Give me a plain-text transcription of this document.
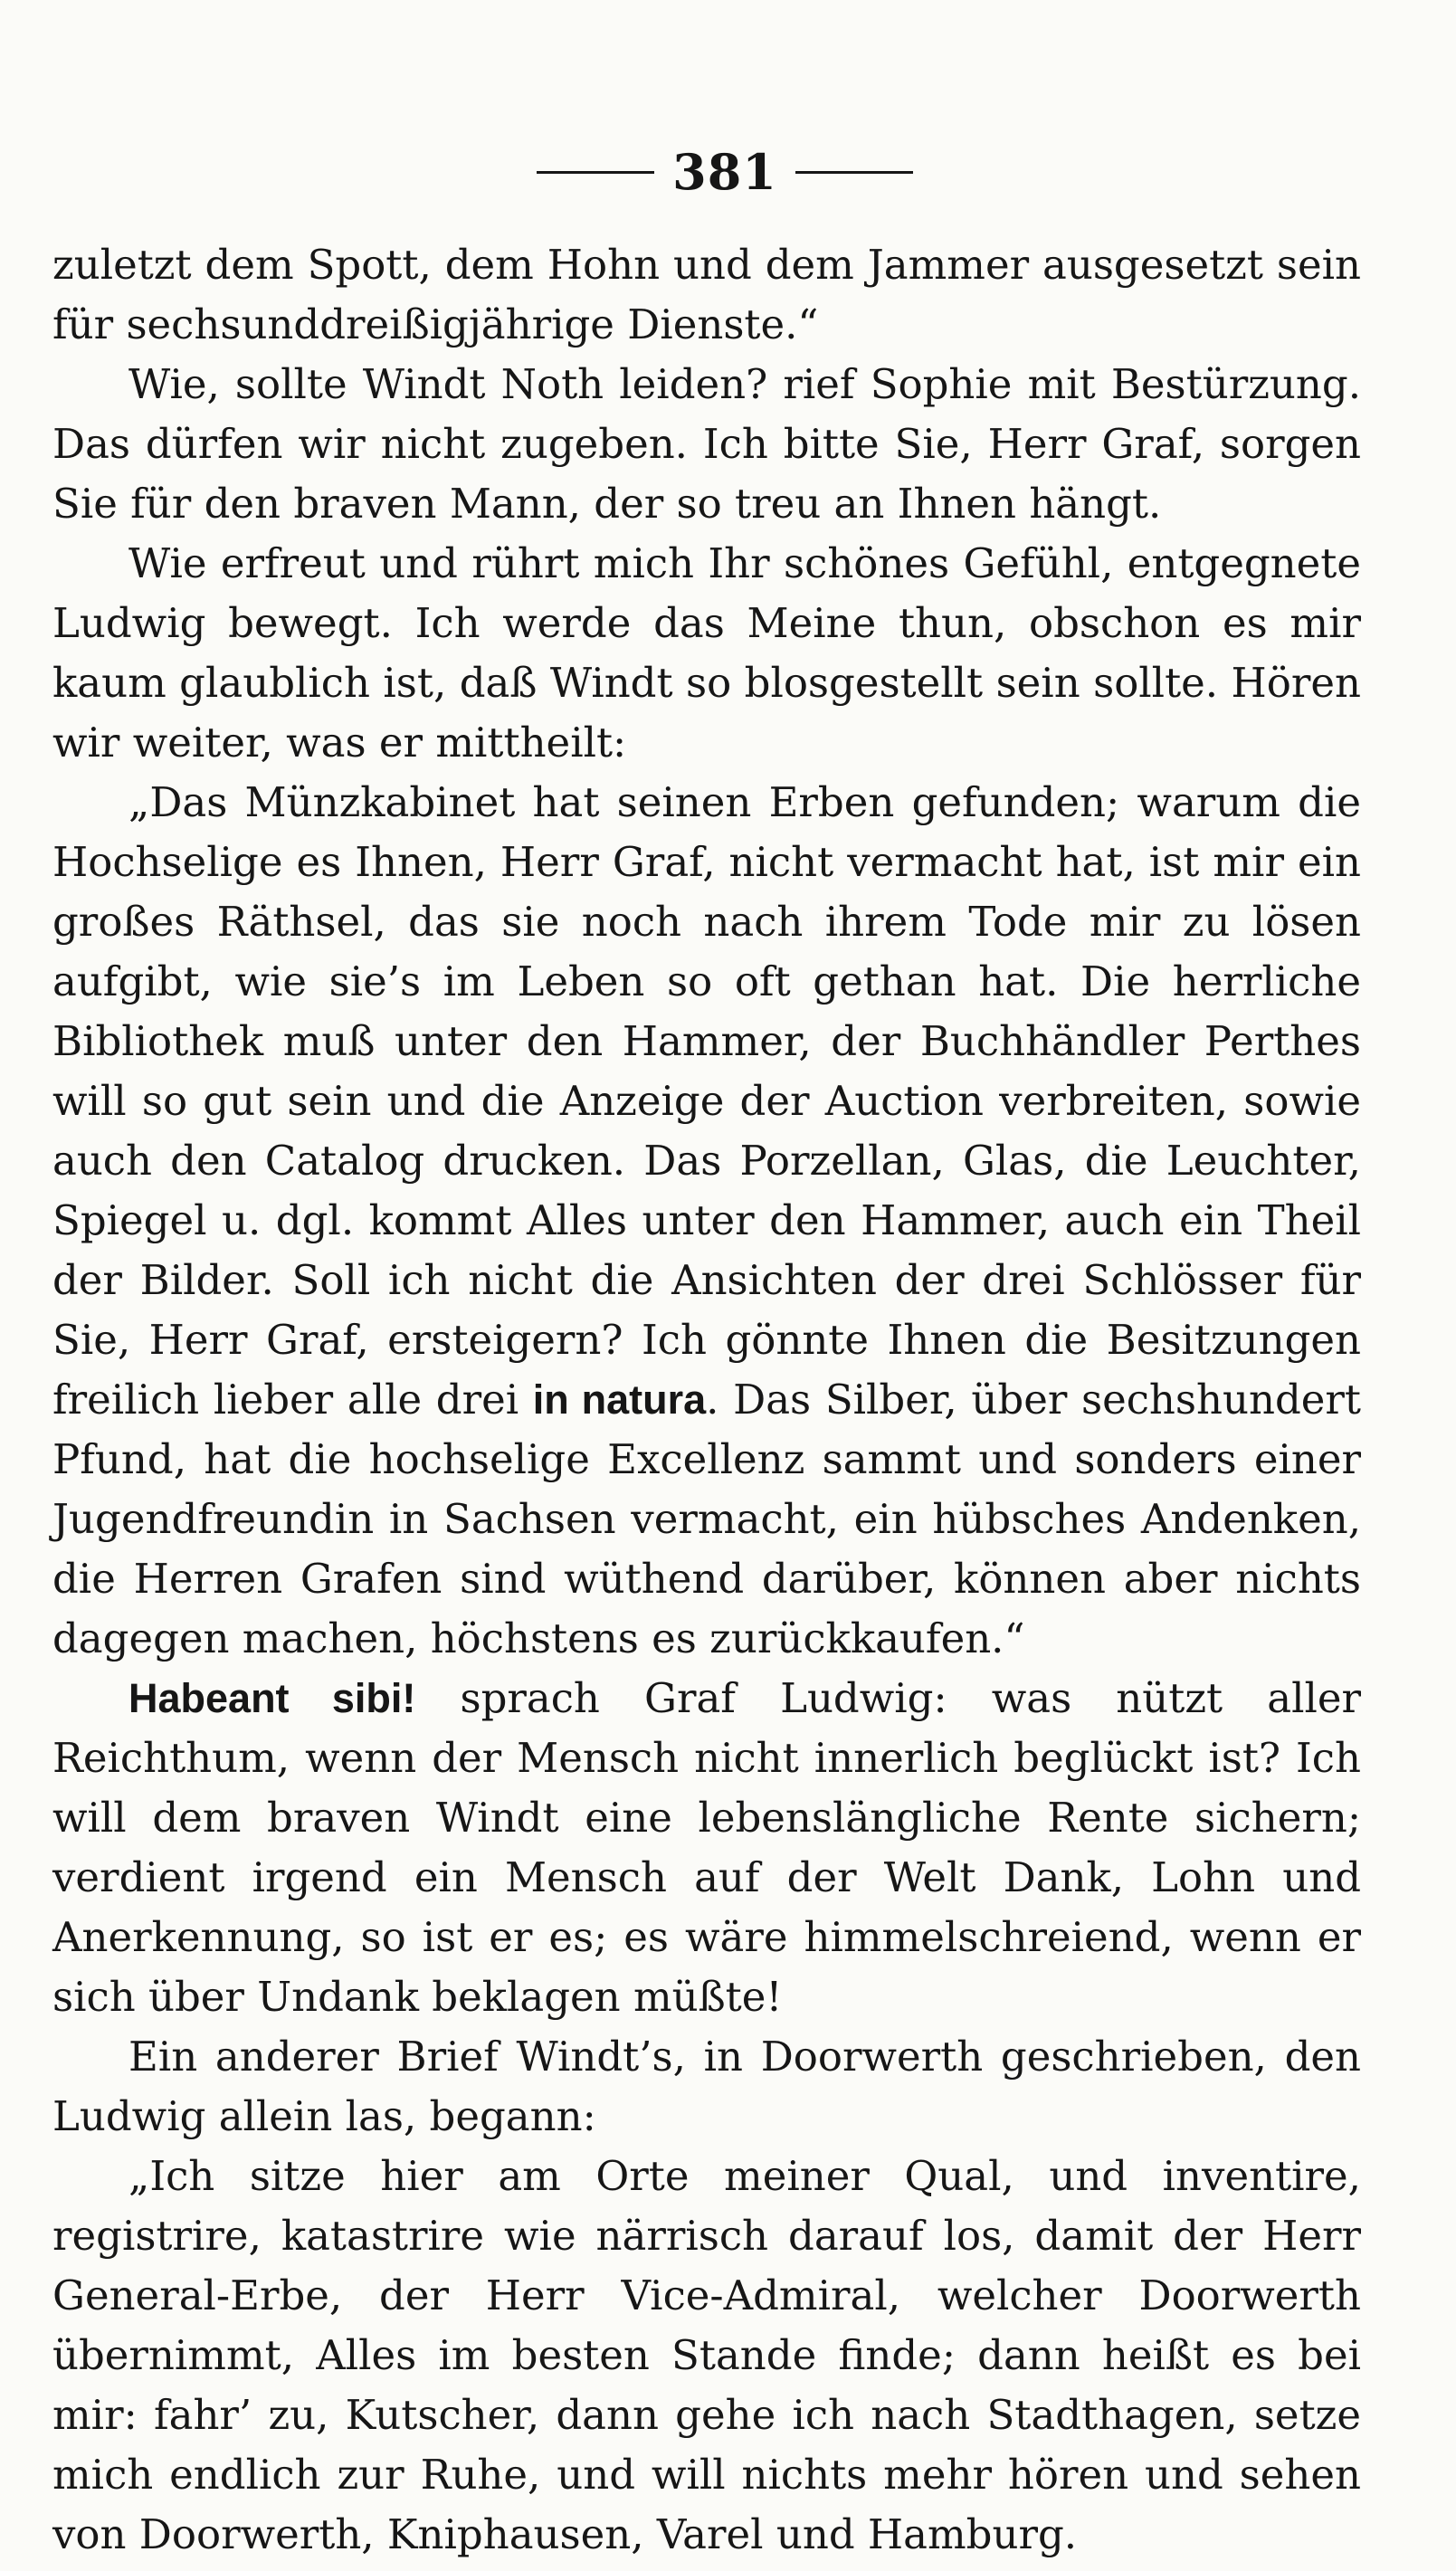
381

zuletzt dem Spott, dem Hohn und dem Jammer ausgesetzt sein für sechsunddreißigjährige Dienste.“

Wie, sollte Windt Noth leiden? rief Sophie mit Bestürzung. Das dürfen wir nicht zugeben. Ich bitte Sie, Herr Graf, sorgen Sie für den braven Mann, der so treu an Ihnen hängt.

Wie erfreut und rührt mich Ihr schönes Gefühl, entgegnete Ludwig bewegt. Ich werde das Meine thun, obschon es mir kaum glaublich ist, daß Windt so blosgestellt sein sollte. Hören wir weiter, was er mittheilt:

„Das Münzkabinet hat seinen Erben gefunden; warum die Hochselige es Ihnen, Herr Graf, nicht vermacht hat, ist mir ein großes Räthsel, das sie noch nach ihrem Tode mir zu lösen aufgibt, wie sie’s im Leben so oft gethan hat. Die herrliche Bibliothek muß unter den Hammer, der Buchhändler Perthes will so gut sein und die Anzeige der Auction verbreiten, sowie auch den Catalog drucken. Das Porzellan, Glas, die Leuchter, Spiegel u. dgl. kommt Alles unter den Hammer, auch ein Theil der Bilder. Soll ich nicht die Ansichten der drei Schlösser für Sie, Herr Graf, ersteigern? Ich gönnte Ihnen die Besitzungen freilich lieber alle drei in natura. Das Silber, über sechshundert Pfund, hat die hochselige Excellenz sammt und sonders einer Jugendfreundin in Sachsen vermacht, ein hübsches Andenken, die Herren Grafen sind wüthend darüber, können aber nichts dagegen machen, höchstens es zurückkaufen.“

Habeant sibi! sprach Graf Ludwig: was nützt aller Reichthum, wenn der Mensch nicht innerlich beglückt ist? Ich will dem braven Windt eine lebenslängliche Rente sichern; verdient irgend ein Mensch auf der Welt Dank, Lohn und Anerkennung, so ist er es; es wäre himmelschreiend, wenn er sich über Undank beklagen müßte!

Ein anderer Brief Windt’s, in Doorwerth geschrieben, den Ludwig allein las, begann:

„Ich sitze hier am Orte meiner Qual, und inventire, registrire, katastrire wie närrisch darauf los, damit der Herr General-Erbe, der Herr Vice-Admiral, welcher Doorwerth übernimmt, Alles im besten Stande finde; dann heißt es bei mir: fahr’ zu, Kutscher, dann gehe ich nach Stadthagen, setze mich endlich zur Ruhe, und will nichts mehr hören und sehen von Doorwerth, Kniphausen, Varel und Hamburg.
